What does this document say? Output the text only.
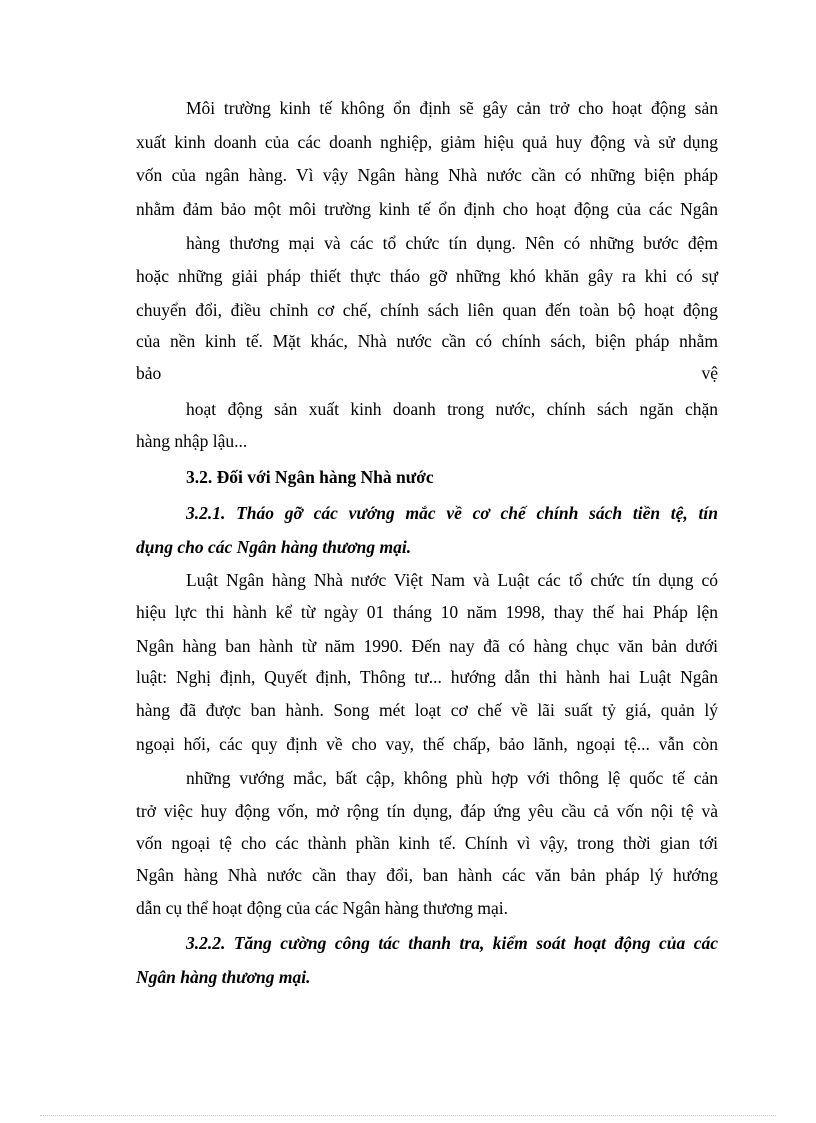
Môi trường kinh tế không ổn định sẽ gây cản trở cho hoạt động sản
xuất kinh doanh của các doanh nghiệp, giảm hiệu quả huy động và sử dụng
vốn của ngân hàng. Vì vậy Ngân hàng Nhà nước cần có những biện pháp
nhằm đảm bảo một môi trường kinh tế ổn định cho hoạt động của các Ngân
hàng thương mại và các tổ chức tín dụng. Nên có những bước đệm
hoặc những giải pháp thiết thực tháo gỡ những khó khăn gây ra khi có sự
chuyển đổi, điều chỉnh cơ chế, chính sách liên quan đến toàn bộ hoạt động
của nền kinh tế. Mặt khác, Nhà nước cần có chính sách, biện pháp nhằm
bảo	vệ
hoạt động sản xuất kinh doanh trong nước, chính sách ngăn chặn
hàng nhập lậu...
3.2. Đối với Ngân hàng Nhà nước
3.2.1. Tháo gỡ các vướng mắc về cơ chế chính sách tiền tệ, tín
dụng cho các Ngân hàng thương mại.
Luật Ngân hàng Nhà nước Việt Nam và Luật các tổ chức tín dụng có
hiệu lực thi hành kể từ ngày 01 tháng 10 năm 1998, thay thế hai Pháp lện
Ngân hàng ban hành từ năm 1990. Đến nay đã có hàng chục văn bản dưới
luật: Nghị định, Quyết định, Thông tư... hướng dẫn thi hành hai Luật Ngân
hàng đã được ban hành. Song mét loạt cơ chế về lãi suất tỷ giá, quản lý
ngoại hối, các quy định về cho vay, thế chấp, bảo lãnh, ngoại tệ... vẫn còn
những vướng mắc, bất cập, không phù hợp với thông lệ quốc tế cản
trở việc huy động vốn, mở rộng tín dụng, đáp ứng yêu cầu cả vốn nội tệ và
vốn ngoại tệ cho các thành phần kinh tế. Chính vì vậy, trong thời gian tới
Ngân hàng Nhà nước cần thay đổi, ban hành các văn bản pháp lý hướng
dẫn cụ thể hoạt động của các Ngân hàng thương mại.
3.2.2. Tăng cường công tác thanh tra, kiểm soát hoạt động của các
Ngân hàng thương mại.
